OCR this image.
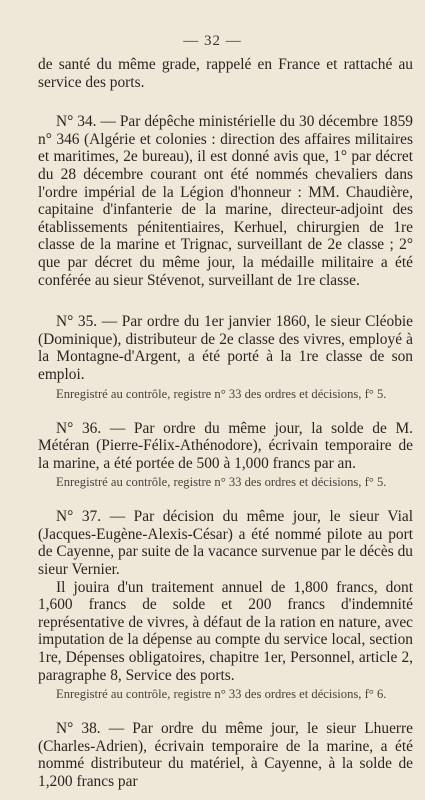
— 32 —

de santé du même grade, rappelé en France et rattaché au service des ports.

N° 34. — Par dépêche ministérielle du 30 décembre 1859 n° 346 (Algérie et colonies : direction des affaires militaires et maritimes, 2e bureau), il est donné avis que, 1° par décret du 28 décembre courant ont été nommés chevaliers dans l'ordre impérial de la Légion d'honneur : MM. Chaudière, capitaine d'infanterie de la marine, directeur-adjoint des établissements pénitentiaires, Kerhuel, chirurgien de 1re classe de la marine et Trignac, surveillant de 2e classe ; 2° que par décret du même jour, la médaille militaire a été conférée au sieur Stévenot, surveillant de 1re classe.

N° 35. — Par ordre du 1er janvier 1860, le sieur Cléobie (Dominique), distributeur de 2e classe des vivres, employé à la Montagne-d'Argent, a été porté à la 1re classe de son emploi.

Enregistré au contrôle, registre n° 33 des ordres et décisions, f° 5.

N° 36. — Par ordre du même jour, la solde de M. Météran (Pierre-Félix-Athénodore), écrivain temporaire de la marine, a été portée de 500 à 1,000 francs par an.

Enregistré au contrôle, registre n° 33 des ordres et décisions, f° 5.

N° 37. — Par décision du même jour, le sieur Vial (Jacques-Eugène-Alexis-César) a été nommé pilote au port de Cayenne, par suite de la vacance survenue par le décès du sieur Vernier.

Il jouira d'un traitement annuel de 1,800 francs, dont 1,600 francs de solde et 200 francs d'indemnité représentative de vivres, à défaut de la ration en nature, avec imputation de la dépense au compte du service local, section 1re, Dépenses obligatoires, chapitre 1er, Personnel, article 2, paragraphe 8, Service des ports.

Enregistré au contrôle, registre n° 33 des ordres et décisions, f° 6.

N° 38. — Par ordre du même jour, le sieur Lhuerre (Charles-Adrien), écrivain temporaire de la marine, a été nommé distributeur du matériel, à Cayenne, à la solde de 1,200 francs par
